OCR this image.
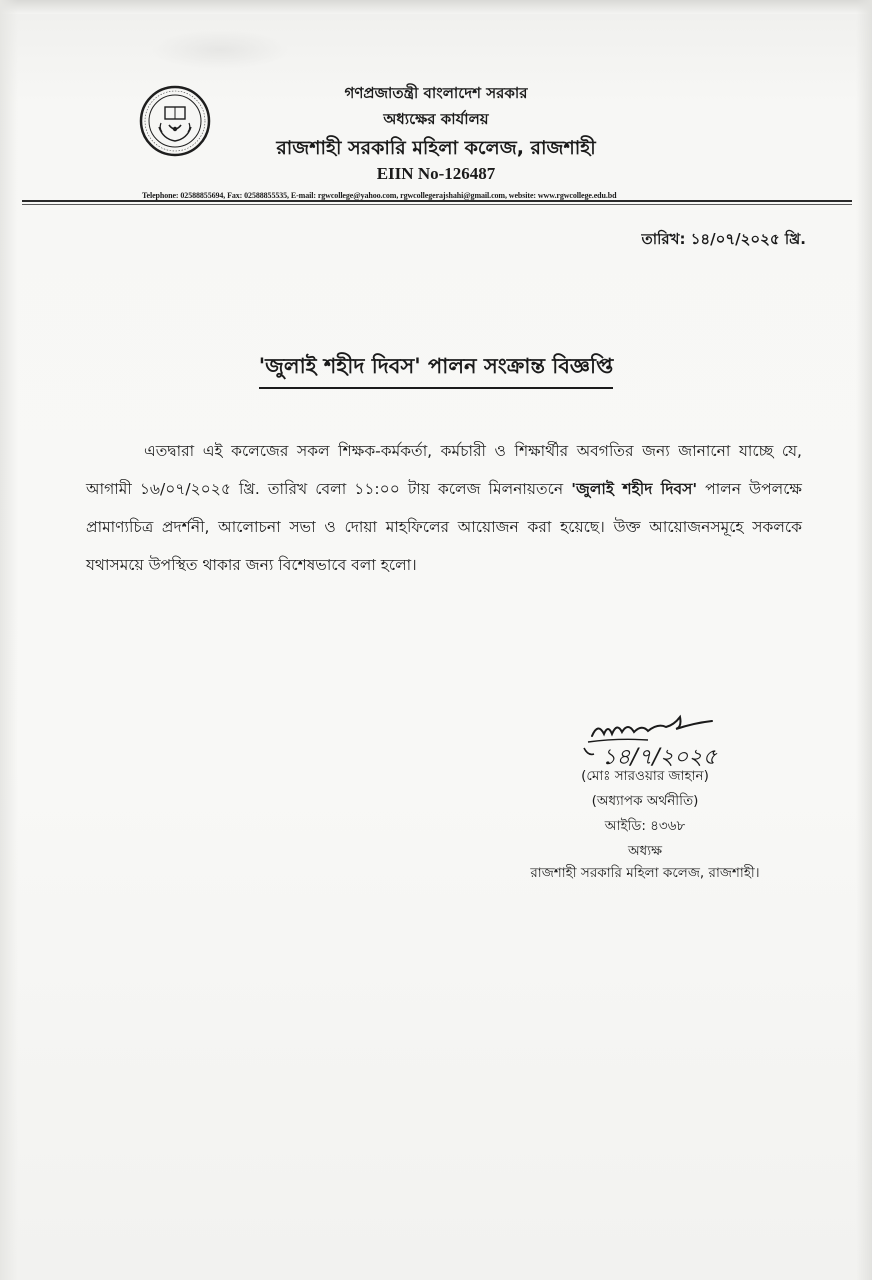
গণপ্রজাতন্ত্রী বাংলাদেশ সরকার
অধ্যক্ষের কার্যালয়
রাজশাহী সরকারি মহিলা কলেজ, রাজশাহী
EIIN No-126487
Telephone: 02588855694, Fax: 02588855535, E-mail: rgwcollege@yahoo.com, rgwcollegerajshahi@gmail.com, website: www.rgwcollege.edu.bd
তারিখ: ১৪/০৭/২০২৫ খ্রি.
'জুলাই শহীদ দিবস' পালন সংক্রান্ত বিজ্ঞপ্তি

এতদ্বারা এই কলেজের সকল শিক্ষক-কর্মকর্তা, কর্মচারী ও শিক্ষার্থীর অবগতির জন্য জানানো যাচ্ছে যে, আগামী ১৬/০৭/২০২৫ খ্রি. তারিখ বেলা ১১:০০ টায় কলেজ মিলনায়তনে 'জুলাই শহীদ দিবস' পালন উপলক্ষে প্রামাণ্যচিত্র প্রদর্শনী, আলোচনা সভা ও দোয়া মাহফিলের আয়োজন করা হয়েছে। উক্ত আয়োজনসমূহে সকলকে যথাসময়ে উপস্থিত থাকার জন্য বিশেষভাবে বলা হলো।

১৪/৭/২০২৫
(মোঃ সারওয়ার জাহান)
(অধ্যাপক অর্থনীতি)
আইডি: ৪৩৬৮
অধ্যক্ষ
রাজশাহী সরকারি মহিলা কলেজ, রাজশাহী।
